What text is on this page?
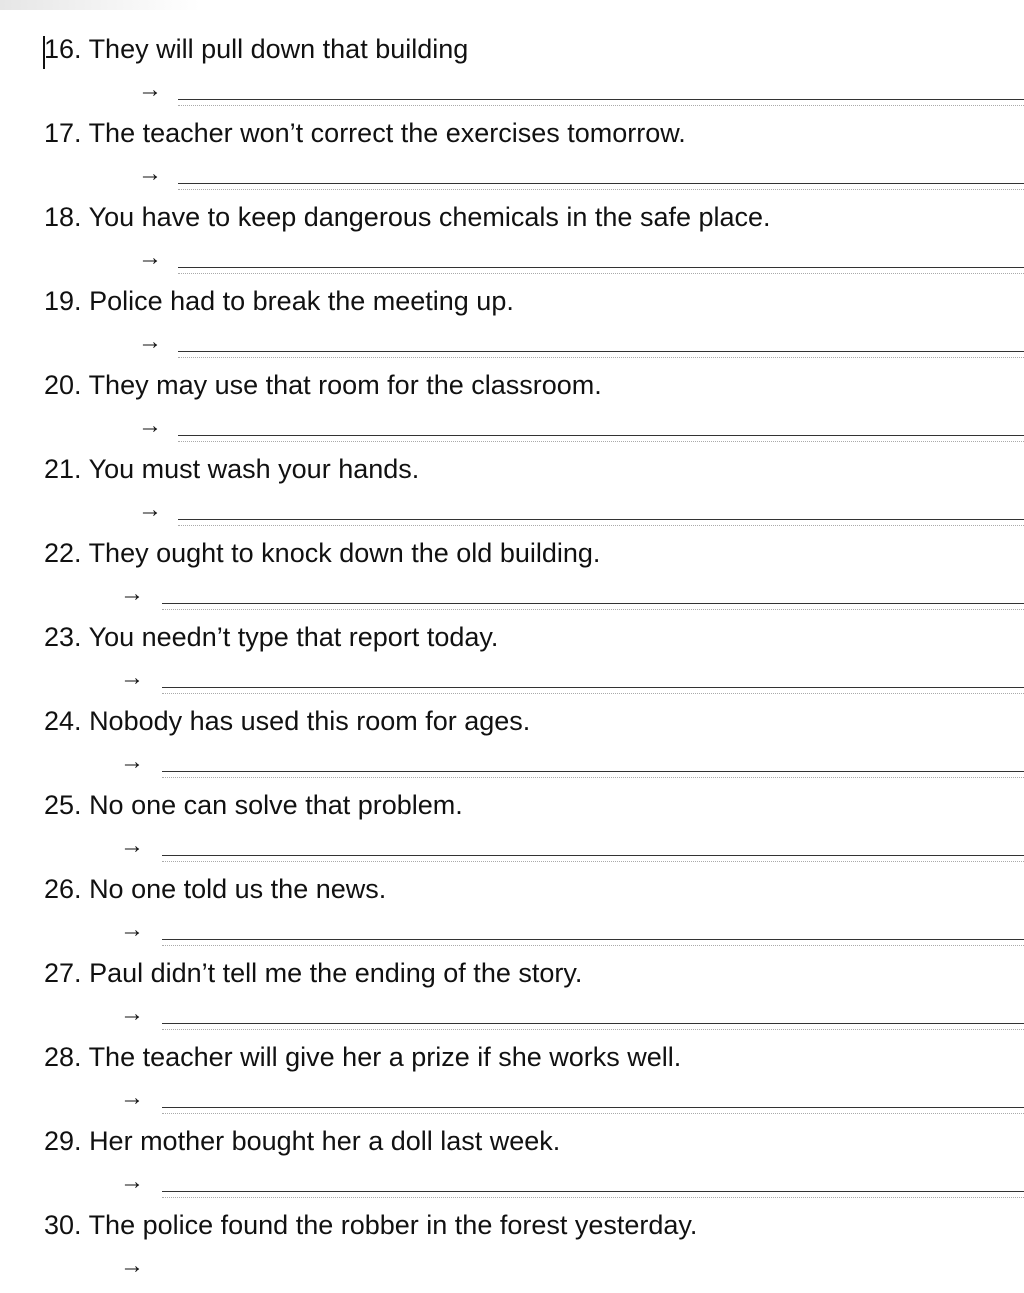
16. They will pull down that building
→
17. The teacher won’t correct the exercises tomorrow.
→
18. You have to keep dangerous chemicals in the safe place.
→
19. Police had to break the meeting up.
→
20. They may use that room for the classroom.
→
21. You must wash your hands.
→
22. They ought to knock down the old building.
→
23. You needn’t type that report today.
→
24. Nobody has used this room for ages.
→
25. No one can solve that problem.
→
26. No one told us the news.
→
27. Paul didn’t tell me the ending of the story.
→
28. The teacher will give her a prize if she works well.
→
29. Her mother bought her a doll last week.
→
30. The police found the robber in the forest yesterday.
→
